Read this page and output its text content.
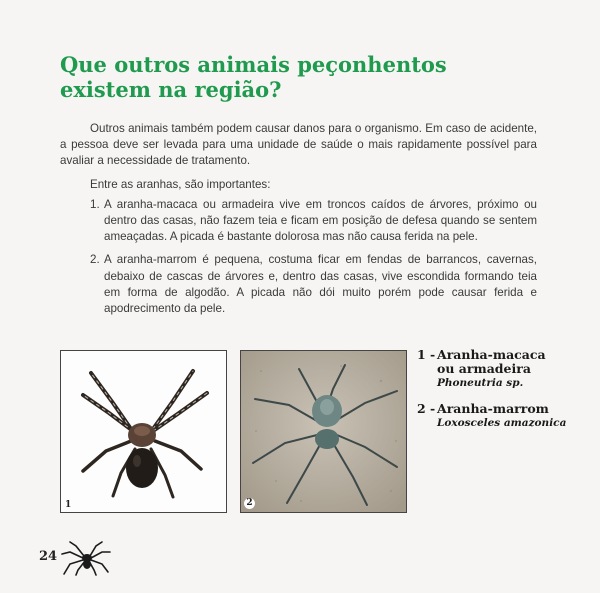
Que outros animais peçonhentos
existem na região?

Outros animais também podem causar danos para o organismo. Em caso de acidente, a pessoa deve ser levada para uma unidade de saúde o mais rapidamente possível para avaliar a necessidade de tratamento.

Entre as aranhas, são importantes:

1. A aranha-macaca ou armadeira vive em troncos caídos de árvores, próximo ou dentro das casas, não fazem teia e ficam em posição de defesa quando se sentem ameaçadas. A picada é bastante dolorosa mas não causa ferida na pele.
2. A aranha-marrom é pequena, costuma ficar em fendas de barrancos, cavernas, debaixo de cascas de árvores e, dentro das casas, vive escondida formando teia em forma de algodão. A picada não dói muito porém pode causar ferida e apodrecimento da pele.
1	2
1 - Aranha-macaca
ou armadeira
Phoneutria sp.
2 - Aranha-marrom
Loxosceles amazonica
24
